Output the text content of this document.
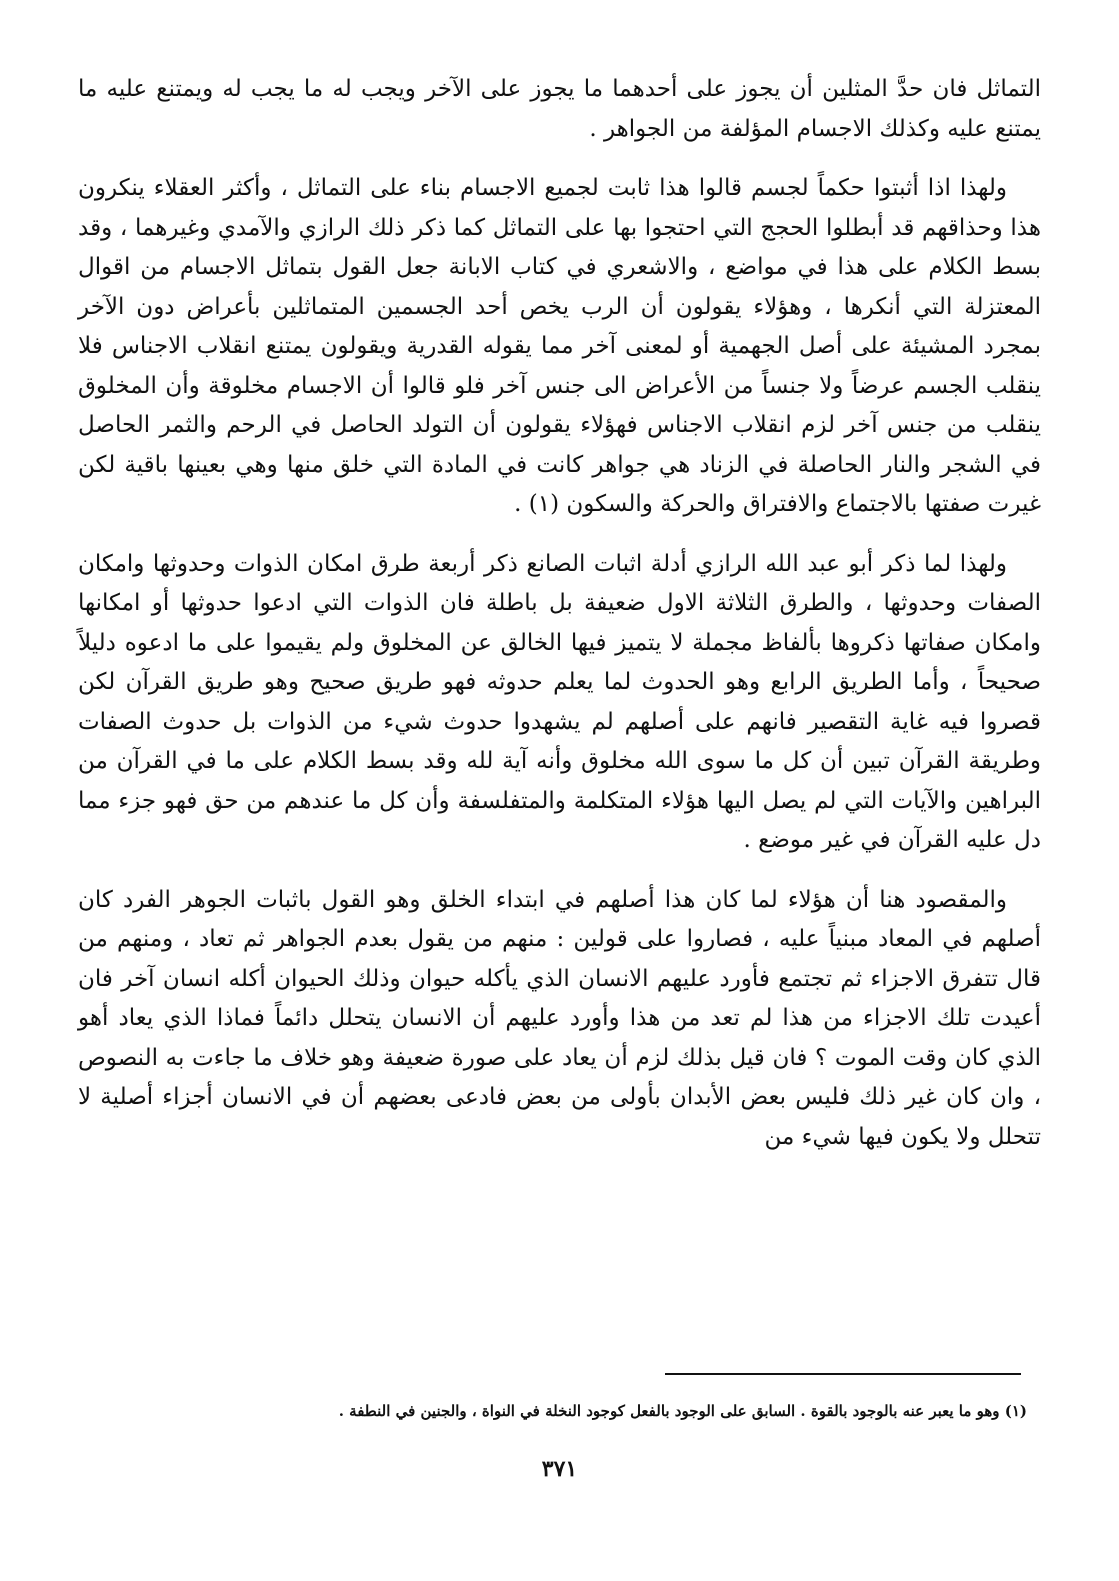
التماثل فان حدَّ المثلين أن يجوز على أحدهما ما يجوز على الآخر ويجب له ما يجب له ويمتنع عليه ما يمتنع عليه وكذلك الاجسام المؤلفة من الجواهر .

ولهذا اذا أثبتوا حكماً لجسم قالوا هذا ثابت لجميع الاجسام بناء على التماثل ، وأكثر العقلاء ينكرون هذا وحذاقهم قد أبطلوا الحجج التي احتجوا بها على التماثل كما ذكر ذلك الرازي والآمدي وغيرهما ، وقد بسط الكلام على هذا في مواضع ، والاشعري في كتاب الابانة جعل القول بتماثل الاجسام من اقوال المعتزلة التي أنكرها ، وهؤلاء يقولون أن الرب يخص أحد الجسمين المتماثلين بأعراض دون الآخر بمجرد المشيئة على أصل الجهمية أو لمعنى آخر مما يقوله القدرية ويقولون يمتنع انقلاب الاجناس فلا ينقلب الجسم عرضاً ولا جنساً من الأعراض الى جنس آخر فلو قالوا أن الاجسام مخلوقة وأن المخلوق ينقلب من جنس آخر لزم انقلاب الاجناس فهؤلاء يقولون أن التولد الحاصل في الرحم والثمر الحاصل في الشجر والنار الحاصلة في الزناد هي جواهر كانت في المادة التي خلق منها وهي بعينها باقية لكن غيرت صفتها بالاجتماع والافتراق والحركة والسكون (١) .

ولهذا لما ذكر أبو عبد الله الرازي أدلة اثبات الصانع ذكر أربعة طرق امكان الذوات وحدوثها وامكان الصفات وحدوثها ، والطرق الثلاثة الاول ضعيفة بل باطلة فان الذوات التي ادعوا حدوثها أو امكانها وامكان صفاتها ذكروها بألفاظ مجملة لا يتميز فيها الخالق عن المخلوق ولم يقيموا على ما ادعوه دليلاً صحيحاً ، وأما الطريق الرابع وهو الحدوث لما يعلم حدوثه فهو طريق صحيح وهو طريق القرآن لكن قصروا فيه غاية التقصير فانهم على أصلهم لم يشهدوا حدوث شيء من الذوات بل حدوث الصفات وطريقة القرآن تبين أن كل ما سوى الله مخلوق وأنه آية لله وقد بسط الكلام على ما في القرآن من البراهين والآيات التي لم يصل اليها هؤلاء المتكلمة والمتفلسفة وأن كل ما عندهم من حق فهو جزء مما دل عليه القرآن في غير موضع .

والمقصود هنا أن هؤلاء لما كان هذا أصلهم في ابتداء الخلق وهو القول باثبات الجوهر الفرد كان أصلهم في المعاد مبنياً عليه ، فصاروا على قولين : منهم من يقول بعدم الجواهر ثم تعاد ، ومنهم من قال تتفرق الاجزاء ثم تجتمع فأورد عليهم الانسان الذي يأكله حيوان وذلك الحيوان أكله انسان آخر فان أعيدت تلك الاجزاء من هذا لم تعد من هذا وأورد عليهم أن الانسان يتحلل دائماً فماذا الذي يعاد أهو الذي كان وقت الموت ؟ فان قيل بذلك لزم أن يعاد على صورة ضعيفة وهو خلاف ما جاءت به النصوص ، وان كان غير ذلك فليس بعض الأبدان بأولى من بعض فادعى بعضهم أن في الانسان أجزاء أصلية لا تتحلل ولا يكون فيها شيء من

(١) وهو ما يعبر عنه بالوجود بالقوة . السابق على الوجود بالفعل كوجود النخلة في النواة ، والجنين في النطفة .
٣٧١
